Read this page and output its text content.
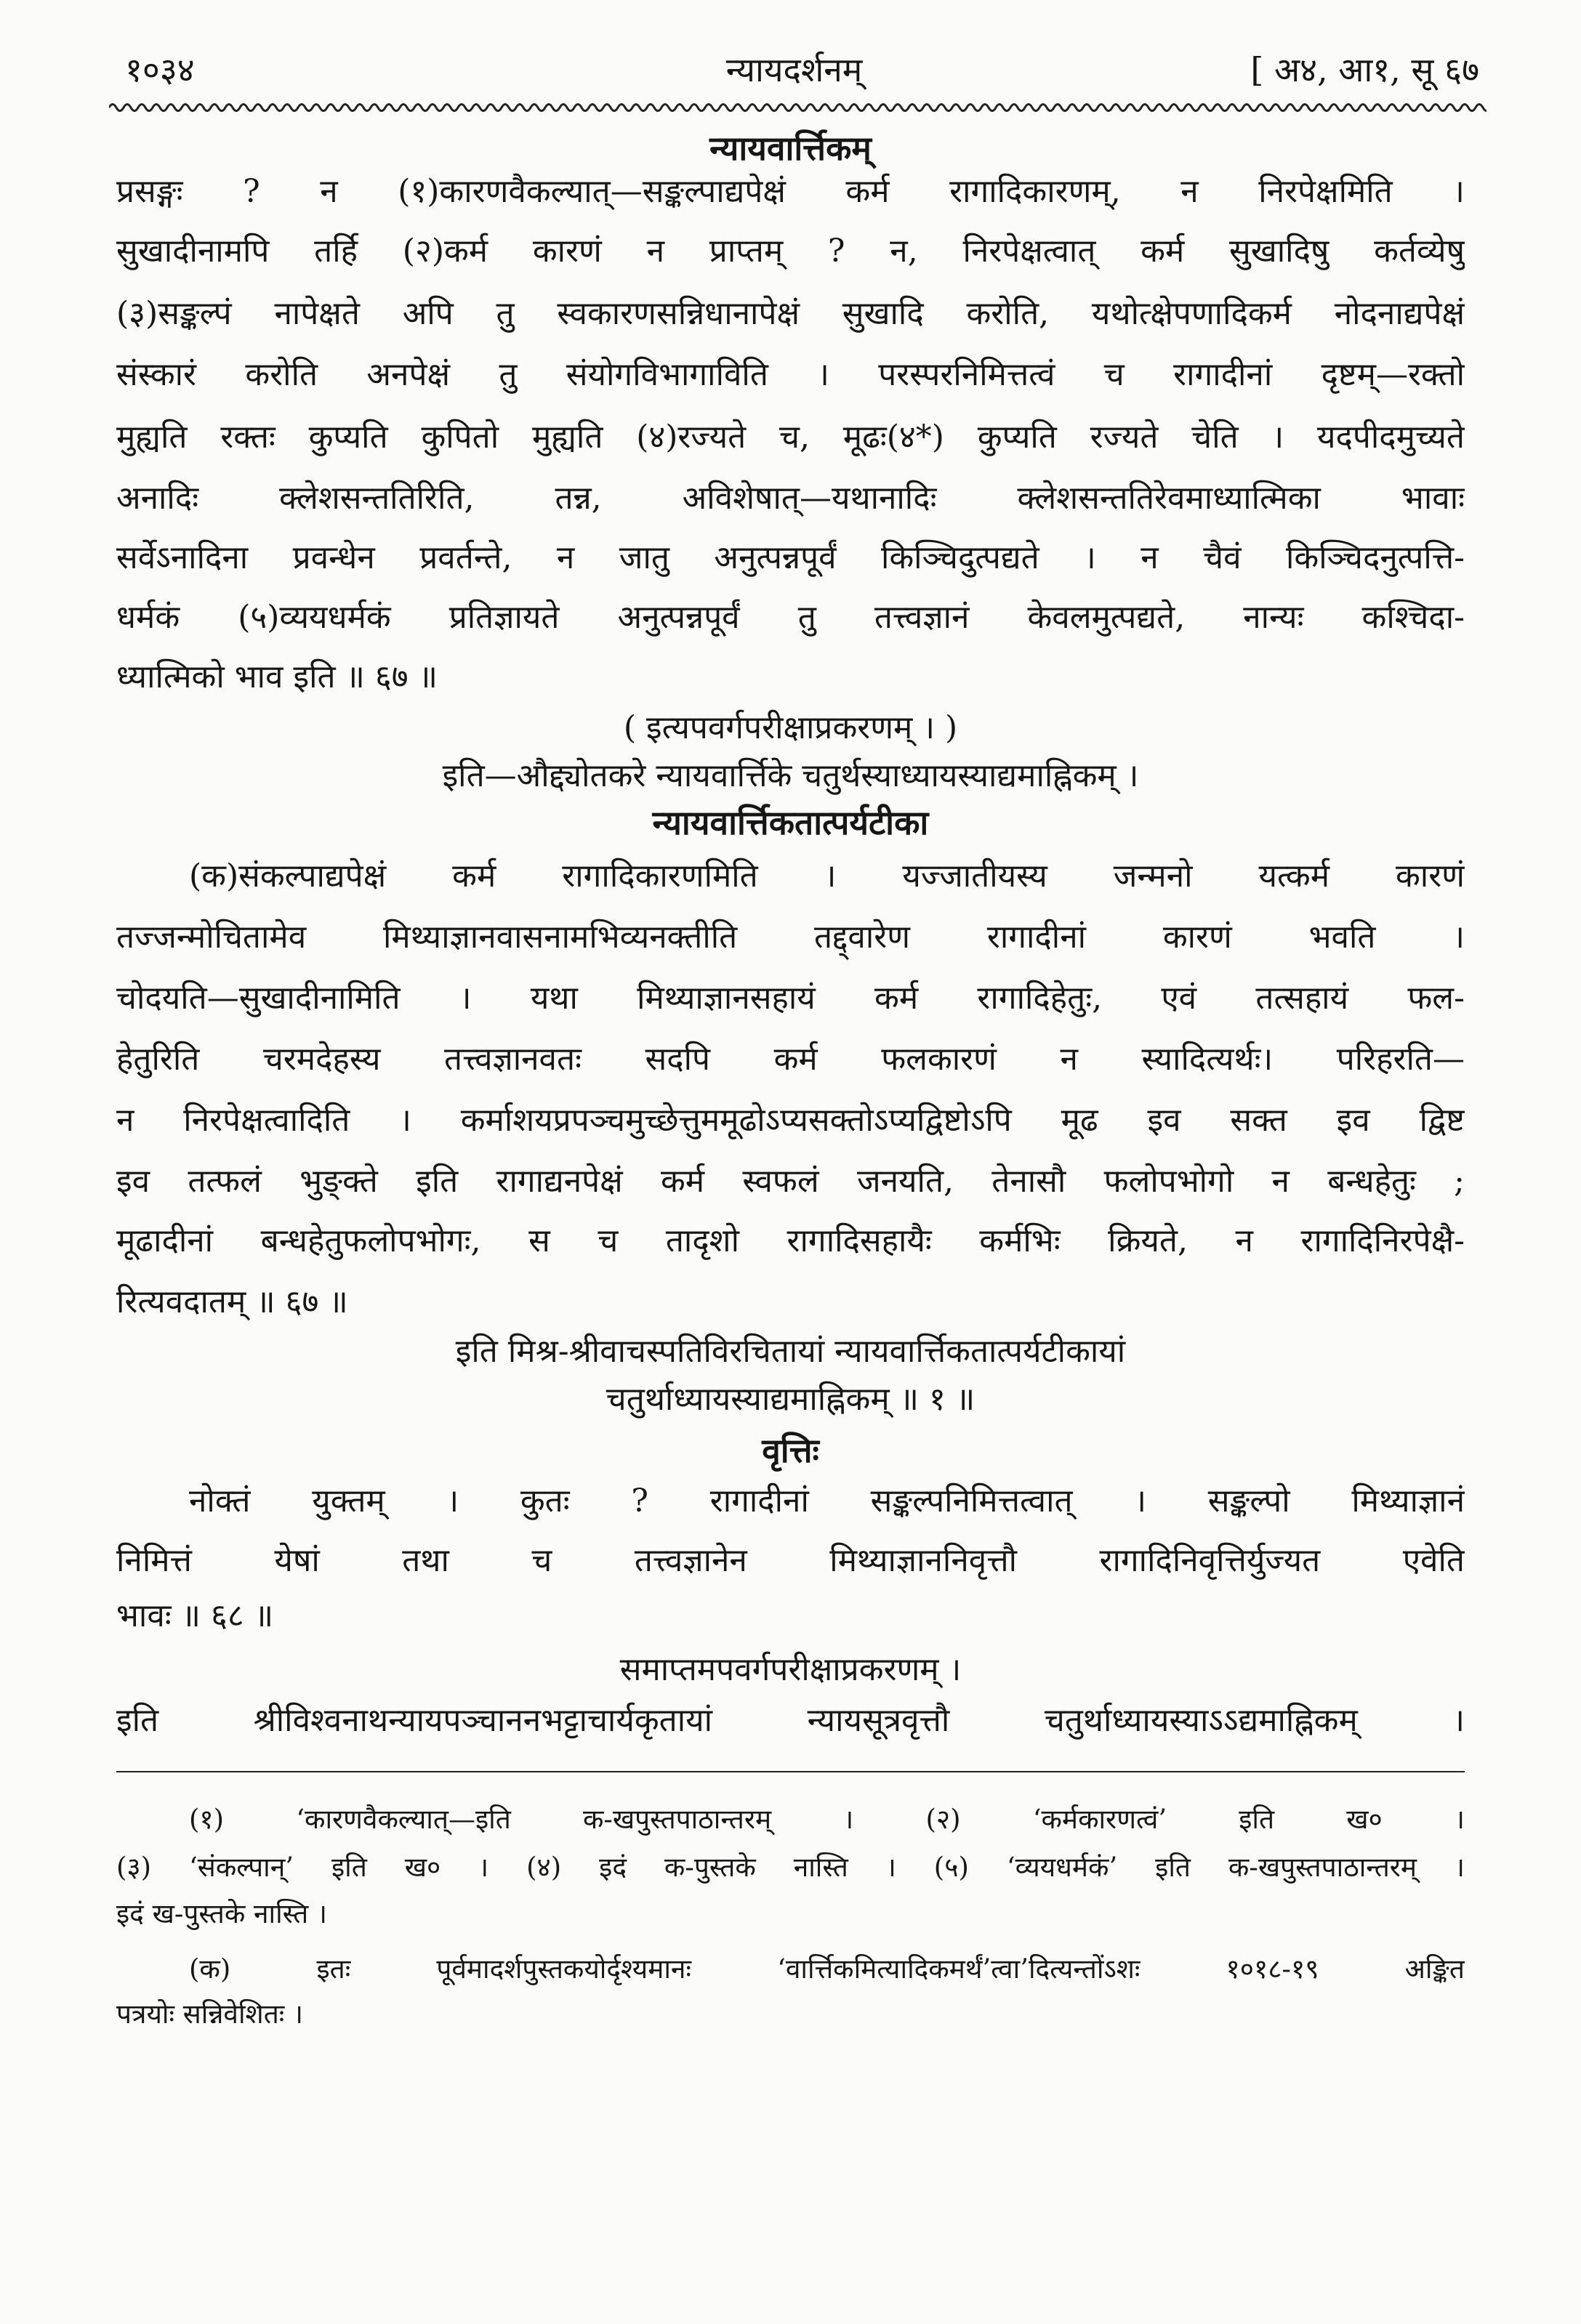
१०३४	न्यायदर्शनम्	[ अ४, आ१, सू ६७
न्यायवार्त्तिकम्
प्रसङ्गः ? न (१)कारणवैकल्यात्—सङ्कल्पाद्यपेक्षं कर्म रागादिकारणम्, न निरपेक्षमिति ।
सुखादीनामपि तर्हि (२)कर्म कारणं न प्राप्तम् ? न, निरपेक्षत्वात् कर्म सुखादिषु कर्तव्येषु
(३)सङ्कल्पं नापेक्षते अपि तु स्वकारणसन्निधानापेक्षं सुखादि करोति, यथोत्क्षेपणादिकर्म नोदनाद्यपेक्षं
संस्कारं करोति अनपेक्षं तु संयोगविभागाविति । परस्परनिमित्तत्वं च रागादीनां दृष्टम्—रक्तो
मुह्यति रक्तः कुप्यति कुपितो मुह्यति (४)रज्यते च, मूढः(४*) कुप्यति रज्यते चेति । यदपीदमुच्यते
अनादिः क्लेशसन्ततिरिति, तन्न, अविशेषात्—यथानादिः क्लेशसन्ततिरेवमाध्यात्मिका भावाः
सर्वेऽनादिना प्रवन्धेन प्रवर्तन्ते, न जातु अनुत्पन्नपूर्वं किञ्चिदुत्पद्यते । न चैवं किञ्चिदनुत्पत्ति-
धर्मकं (५)व्ययधर्मकं प्रतिज्ञायते अनुत्पन्नपूर्वं तु तत्त्वज्ञानं केवलमुत्पद्यते, नान्यः कश्चिदा-
ध्यात्मिको भाव इति ॥ ६७ ॥
( इत्यपवर्गपरीक्षाप्रकरणम् । )
इति—औद्द्योतकरे न्यायवार्त्तिके चतुर्थस्याध्यायस्याद्यमाह्निकम् ।
न्यायवार्त्तिकतात्पर्यटीका
(क)संकल्पाद्यपेक्षं कर्म रागादिकारणमिति । यज्जातीयस्य जन्मनो यत्कर्म कारणं
तज्जन्मोचितामेव मिथ्याज्ञानवासनामभिव्यनक्तीति तद्द्वारेण रागादीनां कारणं भवति ।
चोदयति—सुखादीनामिति । यथा मिथ्याज्ञानसहायं कर्म रागादिहेतुः, एवं तत्सहायं फल-
हेतुरिति चरमदेहस्य तत्त्वज्ञानवतः सदपि कर्म फलकारणं न स्यादित्यर्थः। परिहरति—
न निरपेक्षत्वादिति । कर्माशयप्रपञ्चमुच्छेत्तुममूढोऽप्यसक्तोऽप्यद्विष्टोऽपि मूढ इव सक्त इव द्विष्ट
इव तत्फलं भुङ्क्ते इति रागाद्यनपेक्षं कर्म स्वफलं जनयति, तेनासौ फलोपभोगो न बन्धहेतुः ;
मूढादीनां बन्धहेतुफलोपभोगः, स च तादृशो रागादिसहायैः कर्मभिः क्रियते, न रागादिनिरपेक्षै-
रित्यवदातम् ॥ ६७ ॥
इति मिश्र-श्रीवाचस्पतिविरचितायां न्यायवार्त्तिकतात्पर्यटीकायां
चतुर्थाध्यायस्याद्यमाह्निकम् ॥ १ ॥
वृत्तिः
नोक्तं युक्तम् । कुतः ? रागादीनां सङ्कल्पनिमित्तत्वात् । सङ्कल्पो मिथ्याज्ञानं
निमित्तं येषां तथा च तत्त्वज्ञानेन मिथ्याज्ञाननिवृत्तौ रागादिनिवृत्तिर्युज्यत एवेति
भावः ॥ ६८ ॥
समाप्तमपवर्गपरीक्षाप्रकरणम् ।
इति श्रीविश्वनाथन्यायपञ्चाननभट्टाचार्यकृतायां न्यायसूत्रवृत्तौ चतुर्थाध्यायस्याऽऽद्यमाह्निकम् ।
(१) ‘कारणवैकल्यात्—इति क-खपुस्तपाठान्तरम् । (२) ‘कर्मकारणत्वं’ इति ख० ।
(३) ‘संकल्पान्’ इति ख० । (४) इदं क-पुस्तके नास्ति । (५) ‘व्ययधर्मकं’ इति क-खपुस्तपाठान्तरम् ।
इदं ख-पुस्तके नास्ति ।
(क) इतः पूर्वमादर्शपुस्तकयोर्दृश्यमानः ‘वार्त्तिकमित्यादिकमर्थं’त्वा’दित्यन्तोंऽशः १०१८-१९ अङ्कित
पत्रयोः सन्निवेशितः ।
